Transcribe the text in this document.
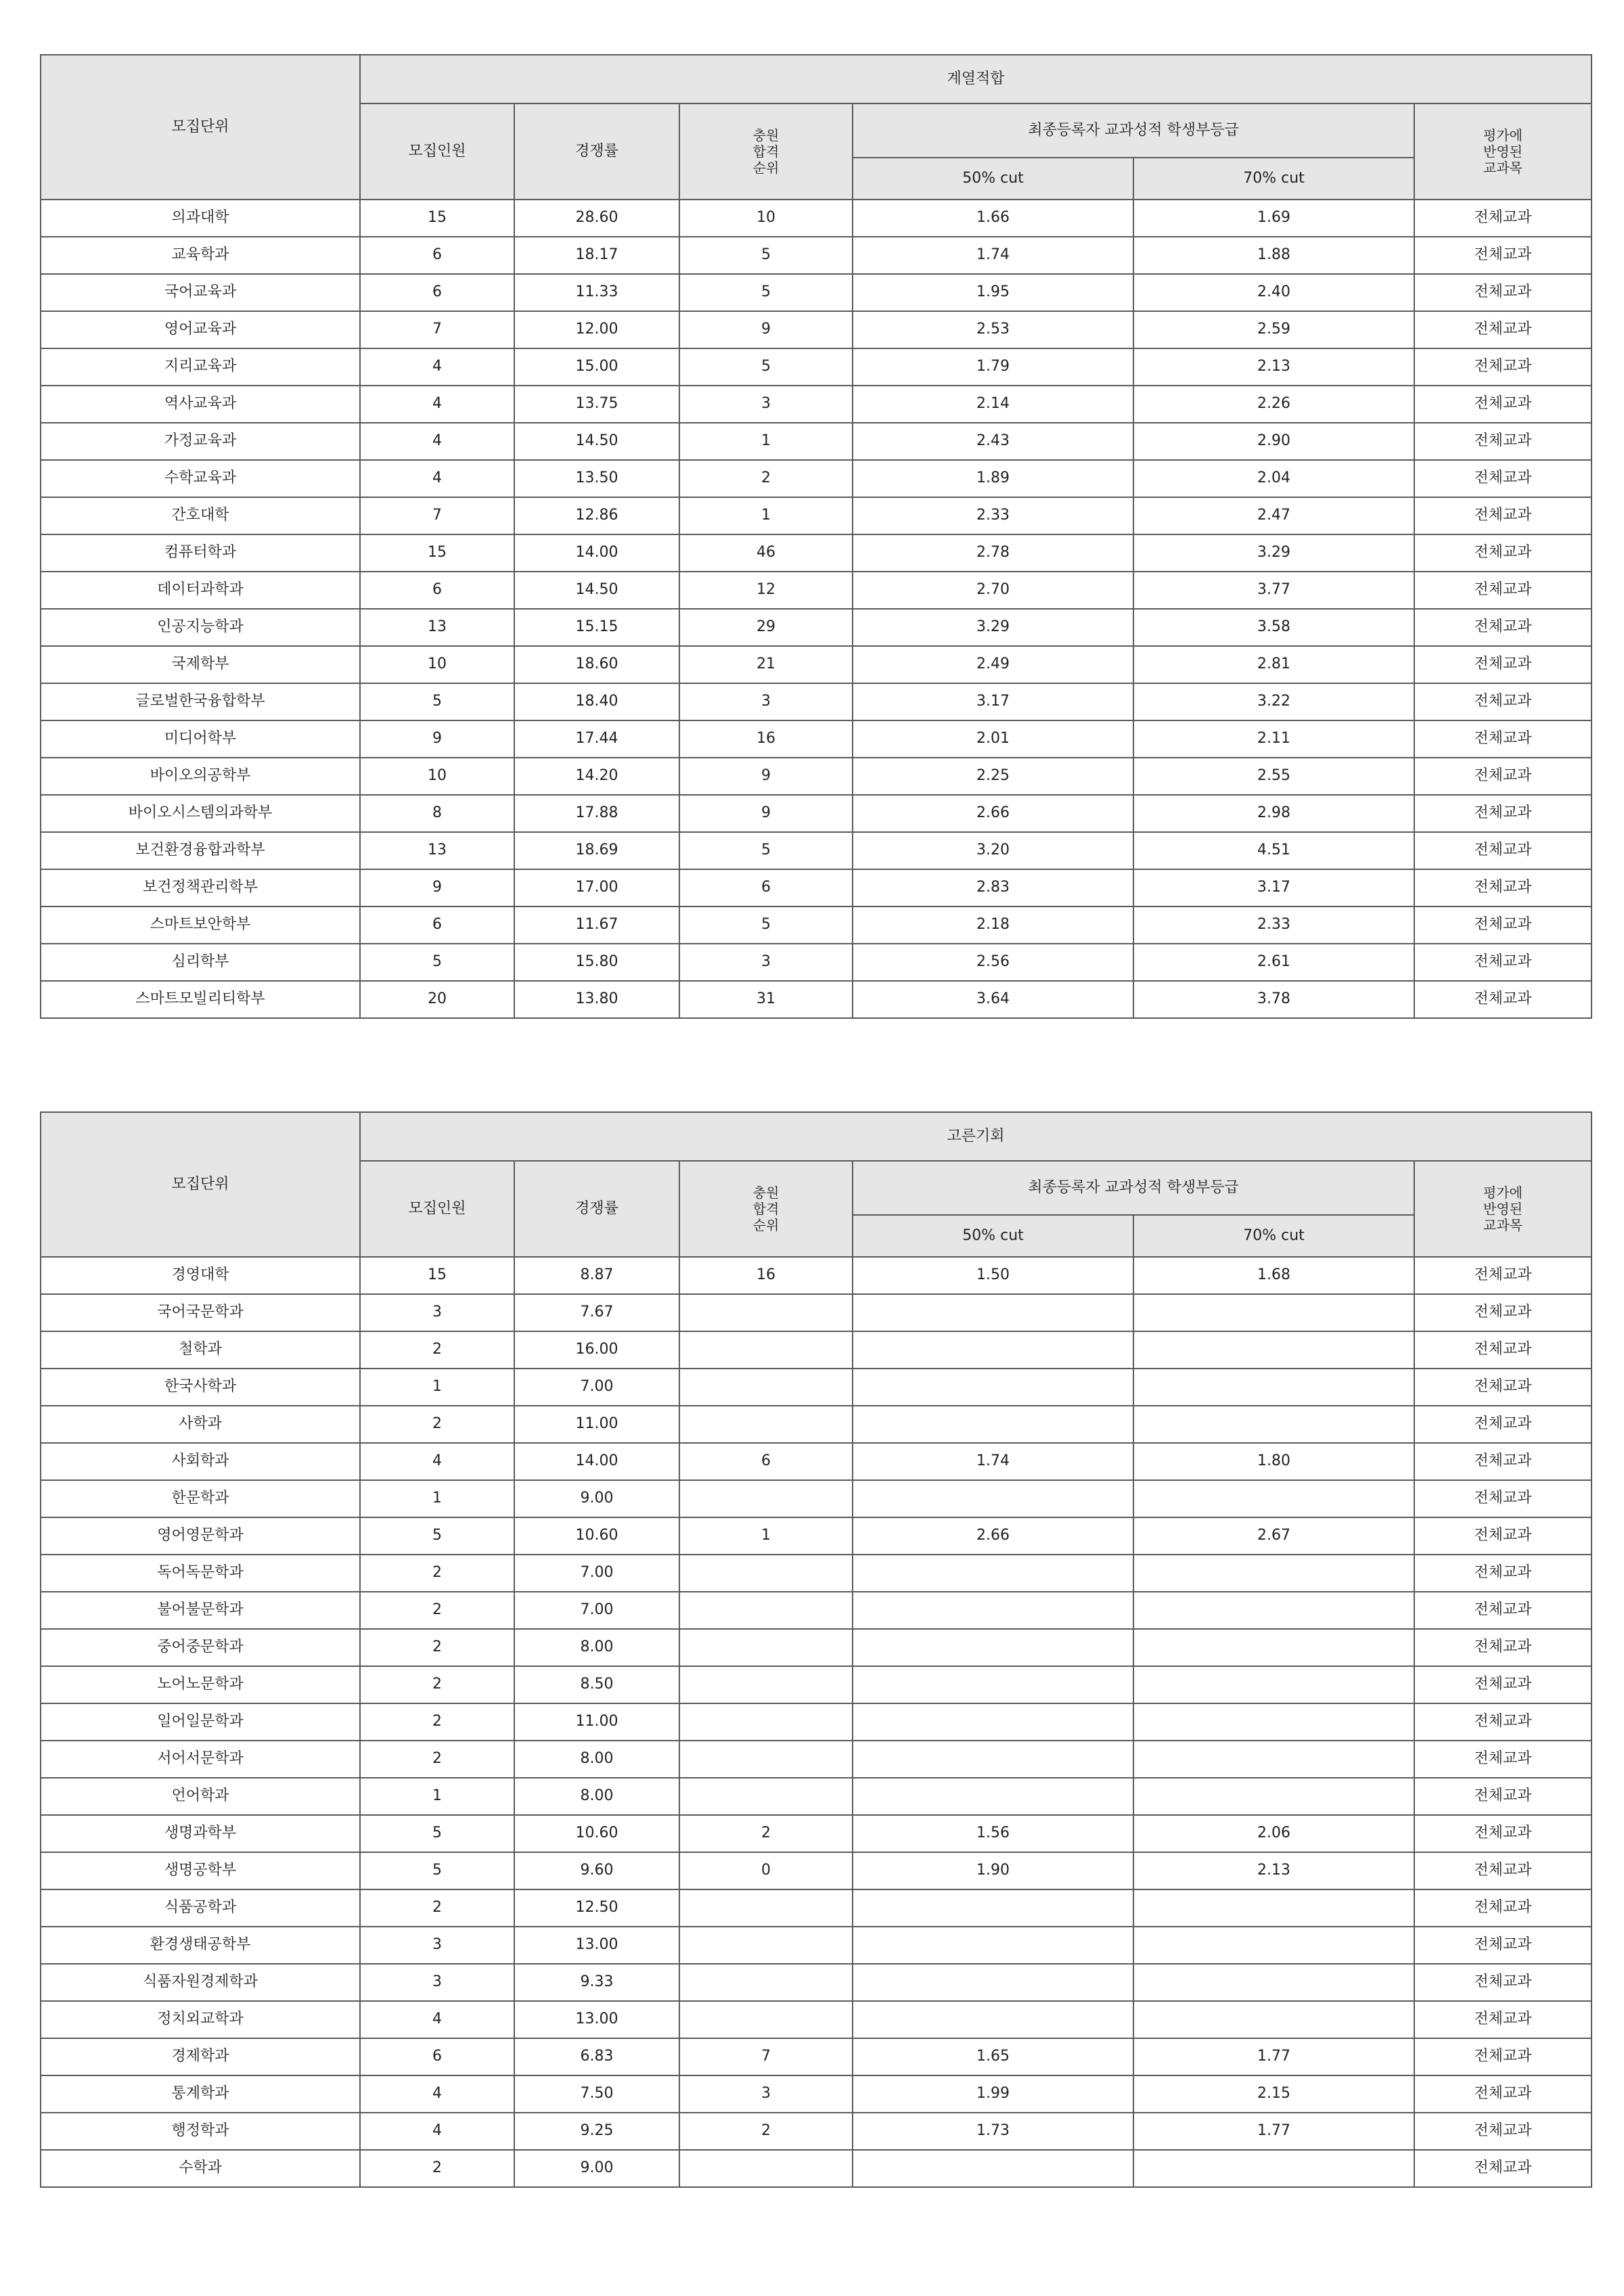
모집단위	계열적합					
	모집인원	경쟁률	충원
합격
순위	최종등록자 교과성적 학생부등급		평가에
반영된
교과목
				50% cut	70% cut	
의과대학	15	28.60	10	1.66	1.69	전체교과
교육학과	6	18.17	5	1.74	1.88	전체교과
국어교육과	6	11.33	5	1.95	2.40	전체교과
영어교육과	7	12.00	9	2.53	2.59	전체교과
지리교육과	4	15.00	5	1.79	2.13	전체교과
역사교육과	4	13.75	3	2.14	2.26	전체교과
가정교육과	4	14.50	1	2.43	2.90	전체교과
수학교육과	4	13.50	2	1.89	2.04	전체교과
간호대학	7	12.86	1	2.33	2.47	전체교과
컴퓨터학과	15	14.00	46	2.78	3.29	전체교과
데이터과학과	6	14.50	12	2.70	3.77	전체교과
인공지능학과	13	15.15	29	3.29	3.58	전체교과
국제학부	10	18.60	21	2.49	2.81	전체교과
글로벌한국융합학부	5	18.40	3	3.17	3.22	전체교과
미디어학부	9	17.44	16	2.01	2.11	전체교과
바이오의공학부	10	14.20	9	2.25	2.55	전체교과
바이오시스템의과학부	8	17.88	9	2.66	2.98	전체교과
보건환경융합과학부	13	18.69	5	3.20	4.51	전체교과
보건정책관리학부	9	17.00	6	2.83	3.17	전체교과
스마트보안학부	6	11.67	5	2.18	2.33	전체교과
심리학부	5	15.80	3	2.56	2.61	전체교과
스마트모빌리티학부	20	13.80	31	3.64	3.78	전체교과
모집단위	고른기회					
	모집인원	경쟁률	충원
합격
순위	최종등록자 교과성적 학생부등급		평가에
반영된
교과목
				50% cut	70% cut	
경영대학	15	8.87	16	1.50	1.68	전체교과
국어국문학과	3	7.67				전체교과
철학과	2	16.00				전체교과
한국사학과	1	7.00				전체교과
사학과	2	11.00				전체교과
사회학과	4	14.00	6	1.74	1.80	전체교과
한문학과	1	9.00				전체교과
영어영문학과	5	10.60	1	2.66	2.67	전체교과
독어독문학과	2	7.00				전체교과
불어불문학과	2	7.00				전체교과
중어중문학과	2	8.00				전체교과
노어노문학과	2	8.50				전체교과
일어일문학과	2	11.00				전체교과
서어서문학과	2	8.00				전체교과
언어학과	1	8.00				전체교과
생명과학부	5	10.60	2	1.56	2.06	전체교과
생명공학부	5	9.60	0	1.90	2.13	전체교과
식품공학과	2	12.50				전체교과
환경생태공학부	3	13.00				전체교과
식품자원경제학과	3	9.33				전체교과
정치외교학과	4	13.00				전체교과
경제학과	6	6.83	7	1.65	1.77	전체교과
통계학과	4	7.50	3	1.99	2.15	전체교과
행정학과	4	9.25	2	1.73	1.77	전체교과
수학과	2	9.00				전체교과
